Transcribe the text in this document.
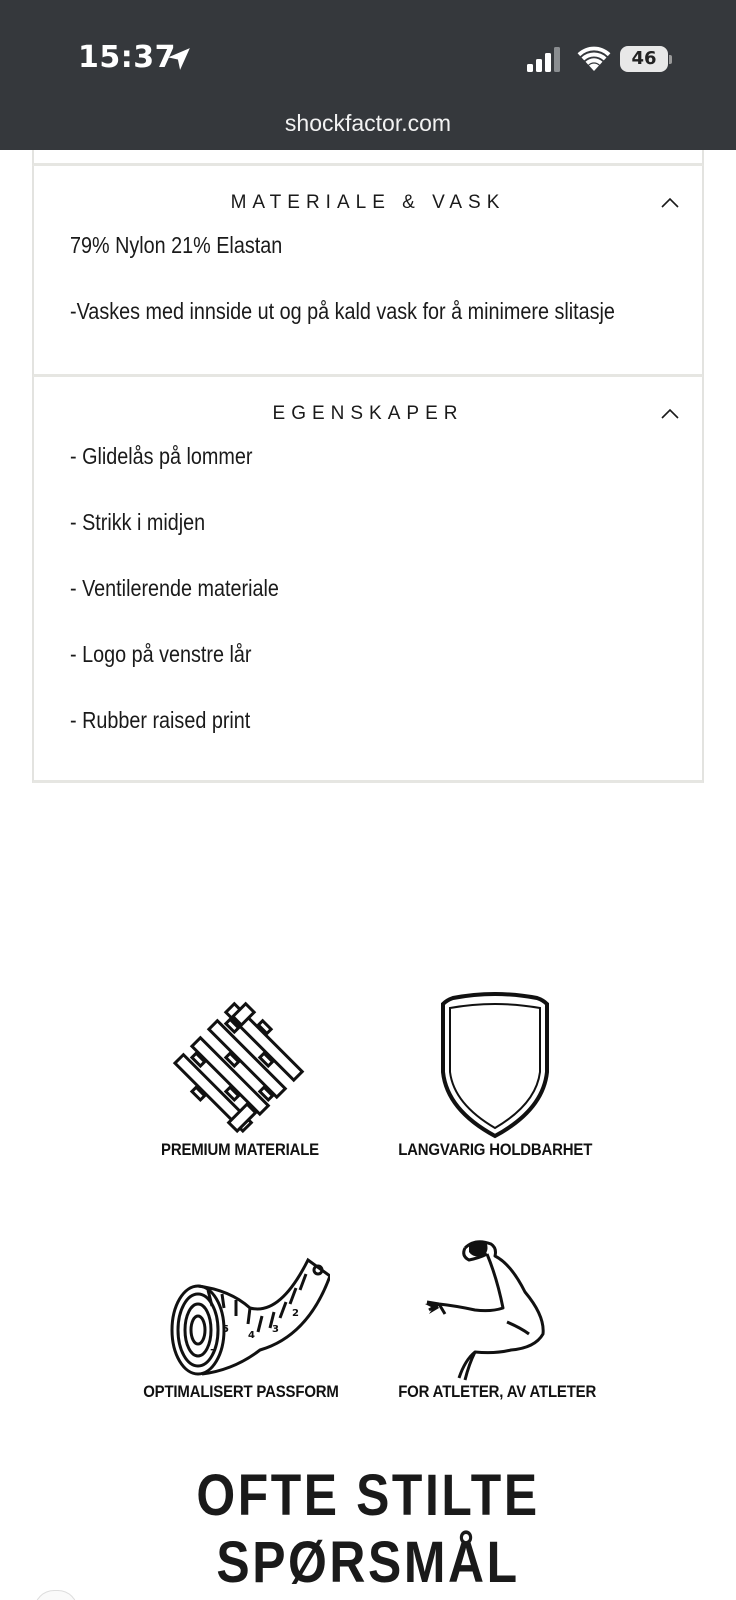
15:37	46
shockfactor.com
MATERIALE & VASK
79% Nylon 21% Elastan
-Vaskes med innside ut og på kald vask for å minimere slitasje
EGENSKAPER
- Glidelås på lommer
- Strikk i midjen
- Ventilerende materiale
- Logo på venstre lår
- Rubber raised print
PREMIUM MATERIALE	LANGVARIG HOLDBARHET
5
4
3
2
7
OPTIMALISERT PASSFORM	FOR ATLETER, AV ATLETER
OFTE STILTE SPØRSMÅL
